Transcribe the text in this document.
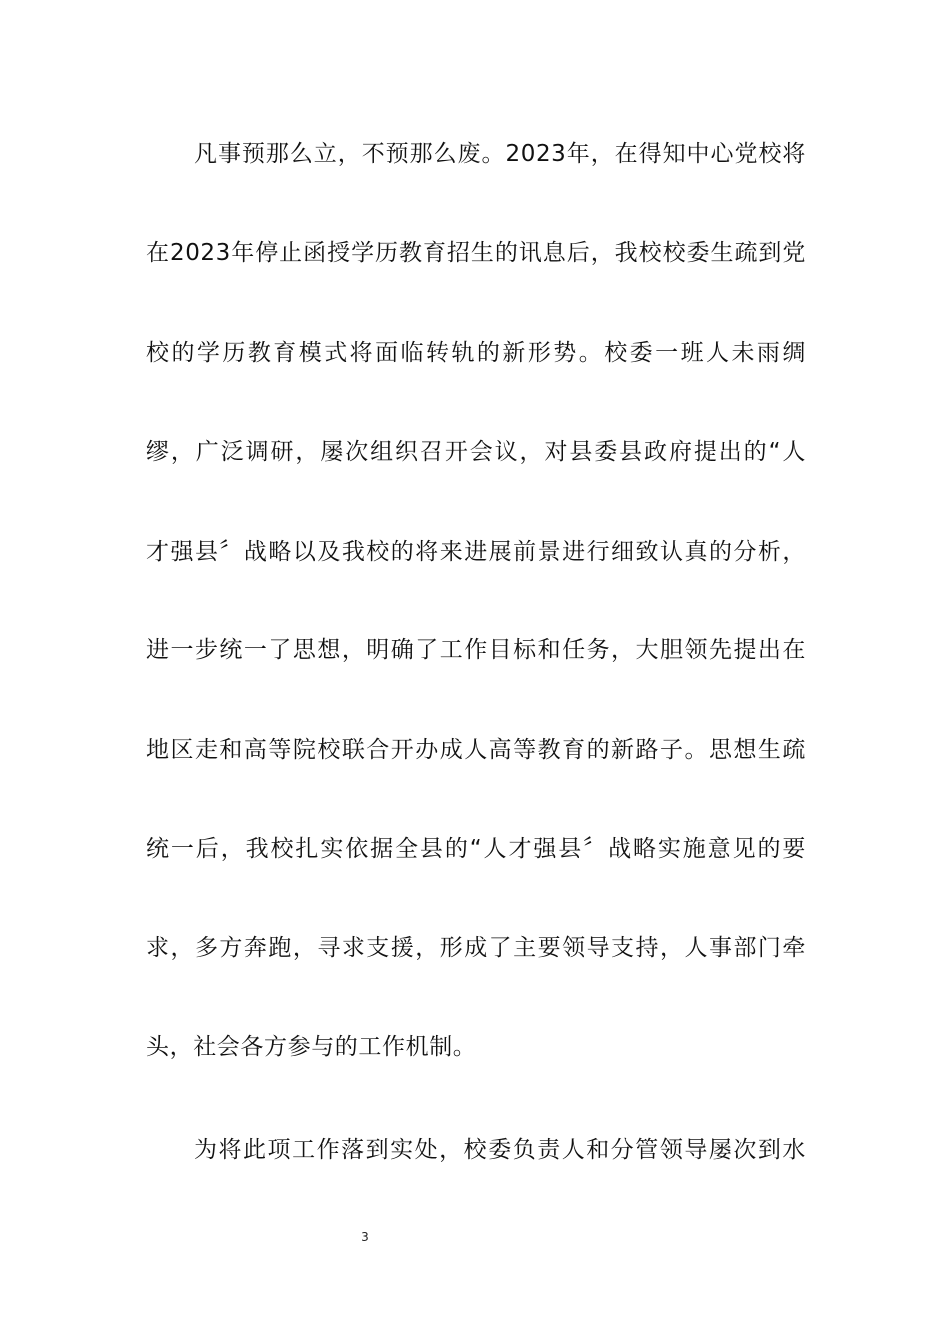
凡事预那么立，不预那么废。2023年，在得知中心党校将
在2023年停止函授学历教育招生的讯息后，我校校委生疏到党
校的学历教育模式将面临转轨的新形势。校委一班人未雨绸
缪，广泛调研，屡次组织召开会议，对县委县政府提出的“人
才强县〞战略以及我校的将来进展前景进行细致认真的分析，
进一步统一了思想，明确了工作目标和任务，大胆领先提出在
地区走和高等院校联合开办成人高等教育的新路子。思想生疏
统一后，我校扎实依据全县的“人才强县〞战略实施意见的要
求，多方奔跑，寻求支援，形成了主要领导支持，人事部门牵
头，社会各方参与的工作机制。
为将此项工作落到实处，校委负责人和分管领导屡次到水
3
